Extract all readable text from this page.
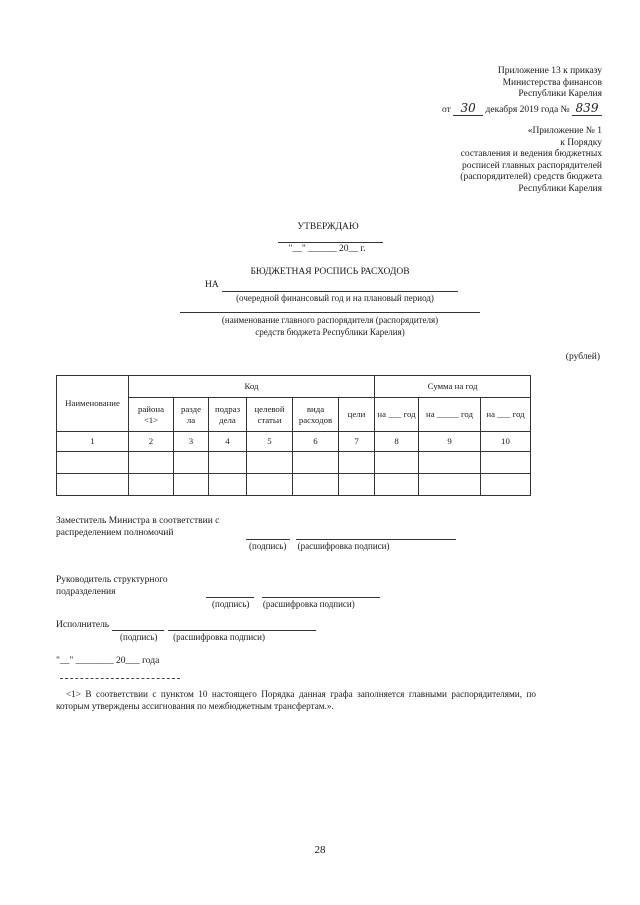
Приложение 13 к приказу

Министерства финансов

Республики Карелия

от 30 декабря 2019 года № 839

«Приложение № 1

к Порядку

составления и ведения бюджетных

росписей главных распорядителей

(распорядителей) средств бюджета

Республики Карелия

УТВЕРЖДАЮ
"__" ______ 20__ г.
БЮДЖЕТНАЯ РОСПИСЬ РАСХОДОВ
НА
(очередной финансовый год и на плановый период)
(наименование главного распорядителя (распорядителя)
средств бюджета Республики Карелия)
(рублей)
Наименование	Код						Сумма на год		
	района <1>	разде ла	подраз дела	целевой статьи	вида расходов	цели	на ___ год	на _____ год	на ___ год
1	2	3	4	5	6	7	8	9	10

Заместитель Министра в соответствии с
распределением полномочий
(подпись)     (расшифровка подписи)
Руководитель структурного
подразделения
(подпись)      (расшифровка подписи)
Исполнитель
(подпись)       (расшифровка подписи)
"__" ________ 20___ года

<1> В соответствии с пунктом 10 настоящего Порядка данная графа заполняется главными распорядителями, по которым утверждены ассигнования по межбюджетным трансфертам.».

28
